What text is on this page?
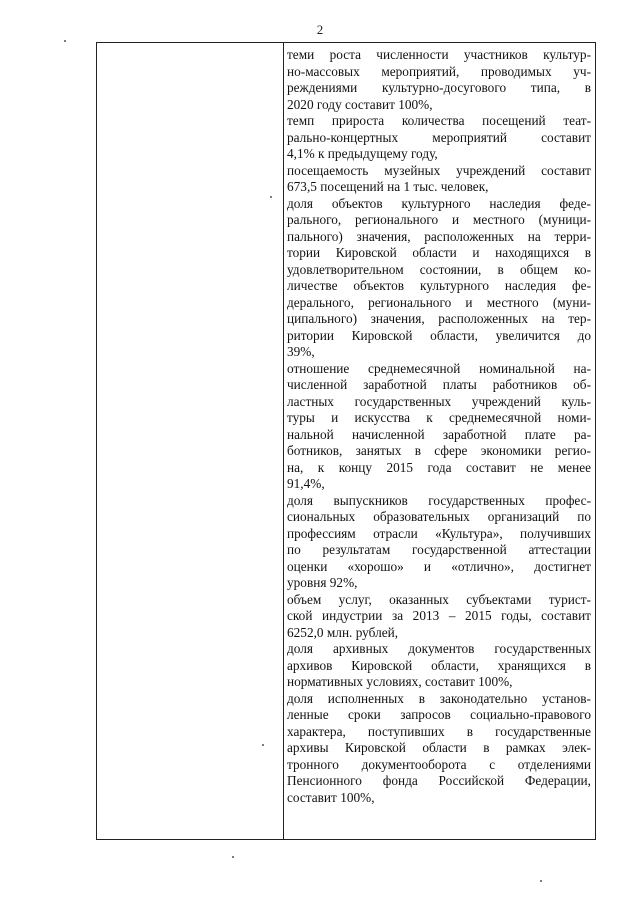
2
теми роста численности участников культур-
но-массовых мероприятий, проводимых уч-
реждениями культурно-досугового типа, в
2020 году составит 100%,
темп прироста количества посещений теат-
рально-концертных мероприятий составит
4,1% к предыдущему году,
посещаемость музейных учреждений составит
673,5 посещений на 1 тыс. человек,
доля объектов культурного наследия феде-
рального, регионального и местного (муници-
пального) значения, расположенных на терри-
тории Кировской области и находящихся в
удовлетворительном состоянии, в общем ко-
личестве объектов культурного наследия фе-
дерального, регионального и местного (муни-
ципального) значения, расположенных на тер-
ритории Кировской области, увеличится до
39%,
отношение среднемесячной номинальной на-
численной заработной платы работников об-
ластных государственных учреждений куль-
туры и искусства к среднемесячной номи-
нальной начисленной заработной плате ра-
ботников, занятых в сфере экономики регио-
на, к концу 2015 года составит не менее
91,4%,
доля выпускников государственных профес-
сиональных образовательных организаций по
профессиям отрасли «Культура», получивших
по результатам государственной аттестации
оценки «хорошо» и «отлично», достигнет
уровня 92%,
объем услуг, оказанных субъектами турист-
ской индустрии за 2013 – 2015 годы, составит
6252,0 млн. рублей,
доля архивных документов государственных
архивов Кировской области, хранящихся в
нормативных условиях, составит 100%,
доля исполненных в законодательно установ-
ленные сроки запросов социально-правового
характера, поступивших в государственные
архивы Кировской области в рамках элек-
тронного документооборота с отделениями
Пенсионного фонда Российской Федерации,
составит 100%,
